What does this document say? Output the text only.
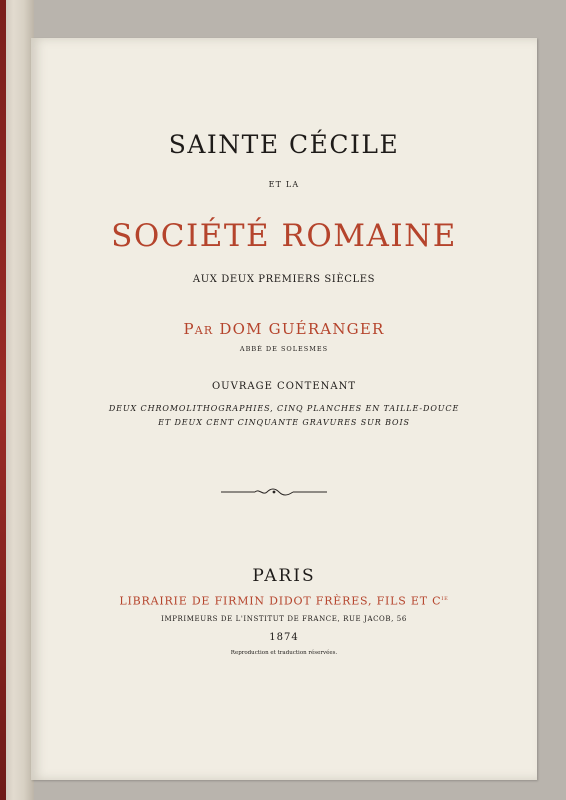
SAINTE CÉCILE
ET LA
SOCIÉTÉ ROMAINE
AUX DEUX PREMIERS SIÈCLES
Par DOM GUÉRANGER
ABBÉ DE SOLESMES
OUVRAGE CONTENANT
DEUX CHROMOLITHOGRAPHIES, CINQ PLANCHES EN TAILLE-DOUCE
ET DEUX CENT CINQUANTE GRAVURES SUR BOIS
PARIS
LIBRAIRIE DE FIRMIN DIDOT FRÈRES, FILS ET $C^{ie}$
IMPRIMEURS DE L'INSTITUT DE FRANCE, RUE JACOB, 56
1874
Reproduction et traduction réservées.
